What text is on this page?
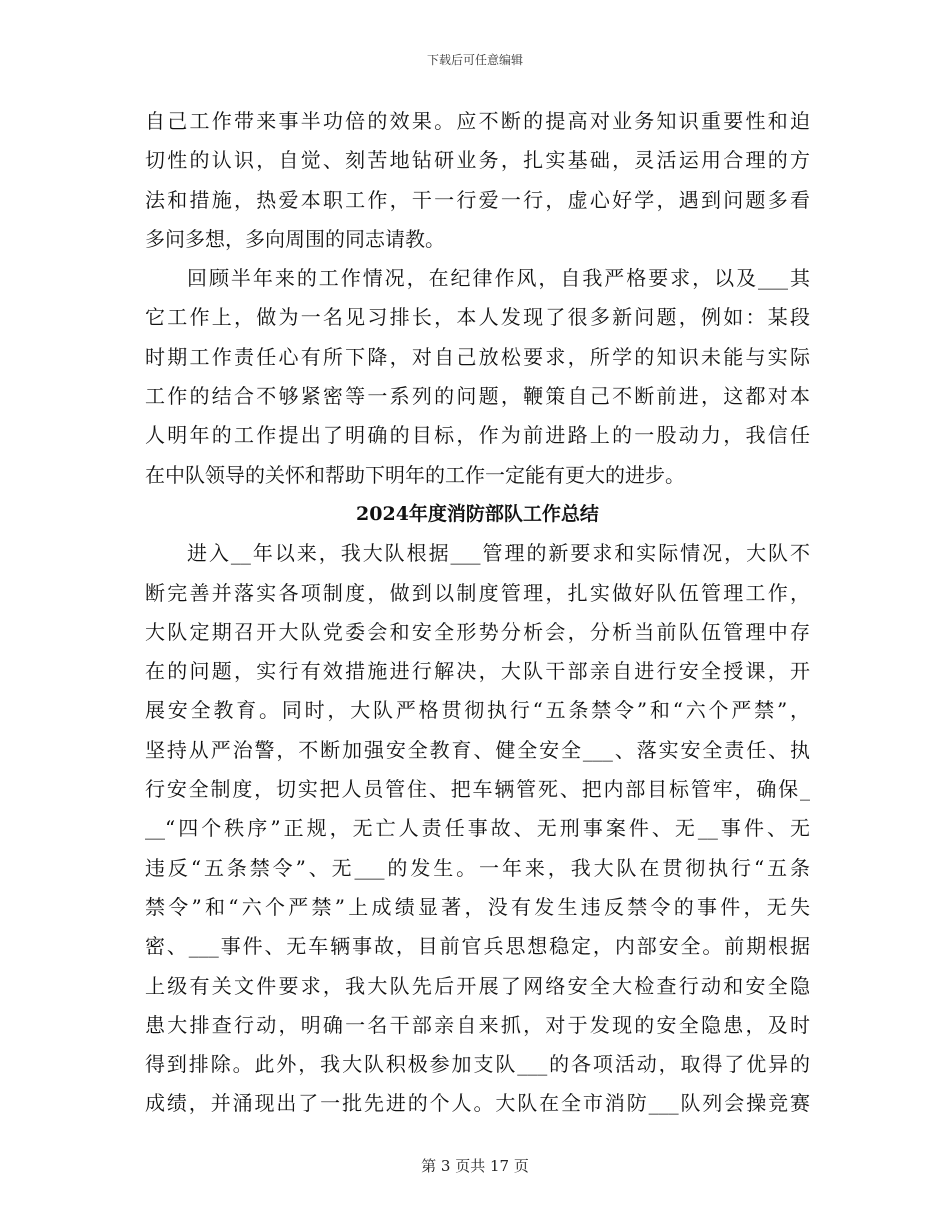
下载后可任意编辑
自己工作带来事半功倍的效果。应不断的提高对业务知识重要性和迫
切性的认识，自觉、刻苦地钻研业务，扎实基础，灵活运用合理的方
法和措施，热爱本职工作，干一行爱一行，虚心好学，遇到问题多看
多问多想，多向周围的同志请教。
回顾半年来的工作情况，在纪律作风，自我严格要求，以及___其
它工作上，做为一名见习排长，本人发现了很多新问题，例如：某段
时期工作责任心有所下降，对自己放松要求，所学的知识未能与实际
工作的结合不够紧密等一系列的问题，鞭策自己不断前进，这都对本
人明年的工作提出了明确的目标，作为前进路上的一股动力，我信任
在中队领导的关怀和帮助下明年的工作一定能有更大的进步。
2024年度消防部队工作总结
进入__年以来，我大队根据___管理的新要求和实际情况，大队不
断完善并落实各项制度，做到以制度管理，扎实做好队伍管理工作，
大队定期召开大队党委会和安全形势分析会，分析当前队伍管理中存
在的问题，实行有效措施进行解决，大队干部亲自进行安全授课，开
展安全教育。同时，大队严格贯彻执行“五条禁令”和“六个严禁”，
坚持从严治警，不断加强安全教育、健全安全___、落实安全责任、执
行安全制度，切实把人员管住、把车辆管死、把内部目标管牢，确保_
__“四个秩序”正规，无亡人责任事故、无刑事案件、无__事件、无
违反“五条禁令”、无___的发生。一年来，我大队在贯彻执行“五条
禁令”和“六个严禁”上成绩显著，没有发生违反禁令的事件，无失
密、___事件、无车辆事故，目前官兵思想稳定，内部安全。前期根据
上级有关文件要求，我大队先后开展了网络安全大检查行动和安全隐
患大排查行动，明确一名干部亲自来抓，对于发现的安全隐患，及时
得到排除。此外，我大队积极参加支队___的各项活动，取得了优异的
成绩，并涌现出了一批先进的个人。大队在全市消防___队列会操竞赛
第 3 页共 17 页
